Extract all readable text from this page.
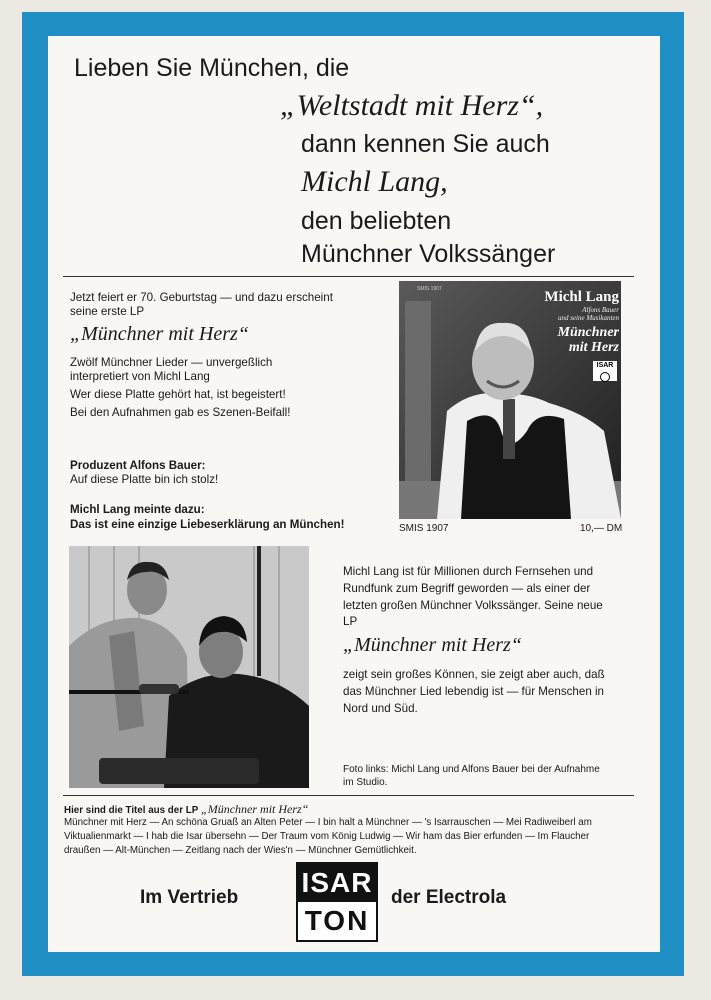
Lieben Sie München, die
„Weltstadt mit Herz“,
dann kennen Sie auch
Michl Lang,
den beliebten
Münchner Volkssänger
Jetzt feiert er 70. Geburtstag — und dazu erscheint
seine erste LP
„Münchner mit Herz“
Zwölf Münchner Lieder — unvergeßlich
interpretiert von Michl Lang
Wer diese Platte gehört hat, ist begeistert!
Bei den Aufnahmen gab es Szenen-Beifall!
Produzent Alfons Bauer:
Auf diese Platte bin ich stolz!
Michl Lang meinte dazu:
Das ist eine einzige Liebeserklärung an München!
Michl Lang
Alfons Bauer
und seine Musikanten
Münchner
mit Herz
SMIS 1907
ISAR
SMIS 1907	10,— DM
Michl Lang ist für Millionen durch Fernsehen und
Rundfunk zum Begriff geworden — als einer der
letzten großen Münchner Volkssänger. Seine neue
LP
„Münchner mit Herz“
zeigt sein großes Können, sie zeigt aber auch, daß
das Münchner Lied lebendig ist — für Menschen in
Nord und Süd.
Foto links: Michl Lang und Alfons Bauer bei der Aufnahme
im Studio.
Hier sind die Titel aus der LP „Münchner mit Herz“
Münchner mit Herz — An schöna Gruaß an Alten Peter — I bin halt a Münchner — 's Isarrauschen — Mei Radiweiberl am
Viktualienmarkt — I hab die Isar übersehn — Der Traum vom König Ludwig — Wir ham das Bier erfunden — Im Flaucher
draußen — Alt-München — Zeitlang nach der Wies'n — Münchner Gemütlichkeit.
Im Vertrieb ISAR
TON
der Electrola
